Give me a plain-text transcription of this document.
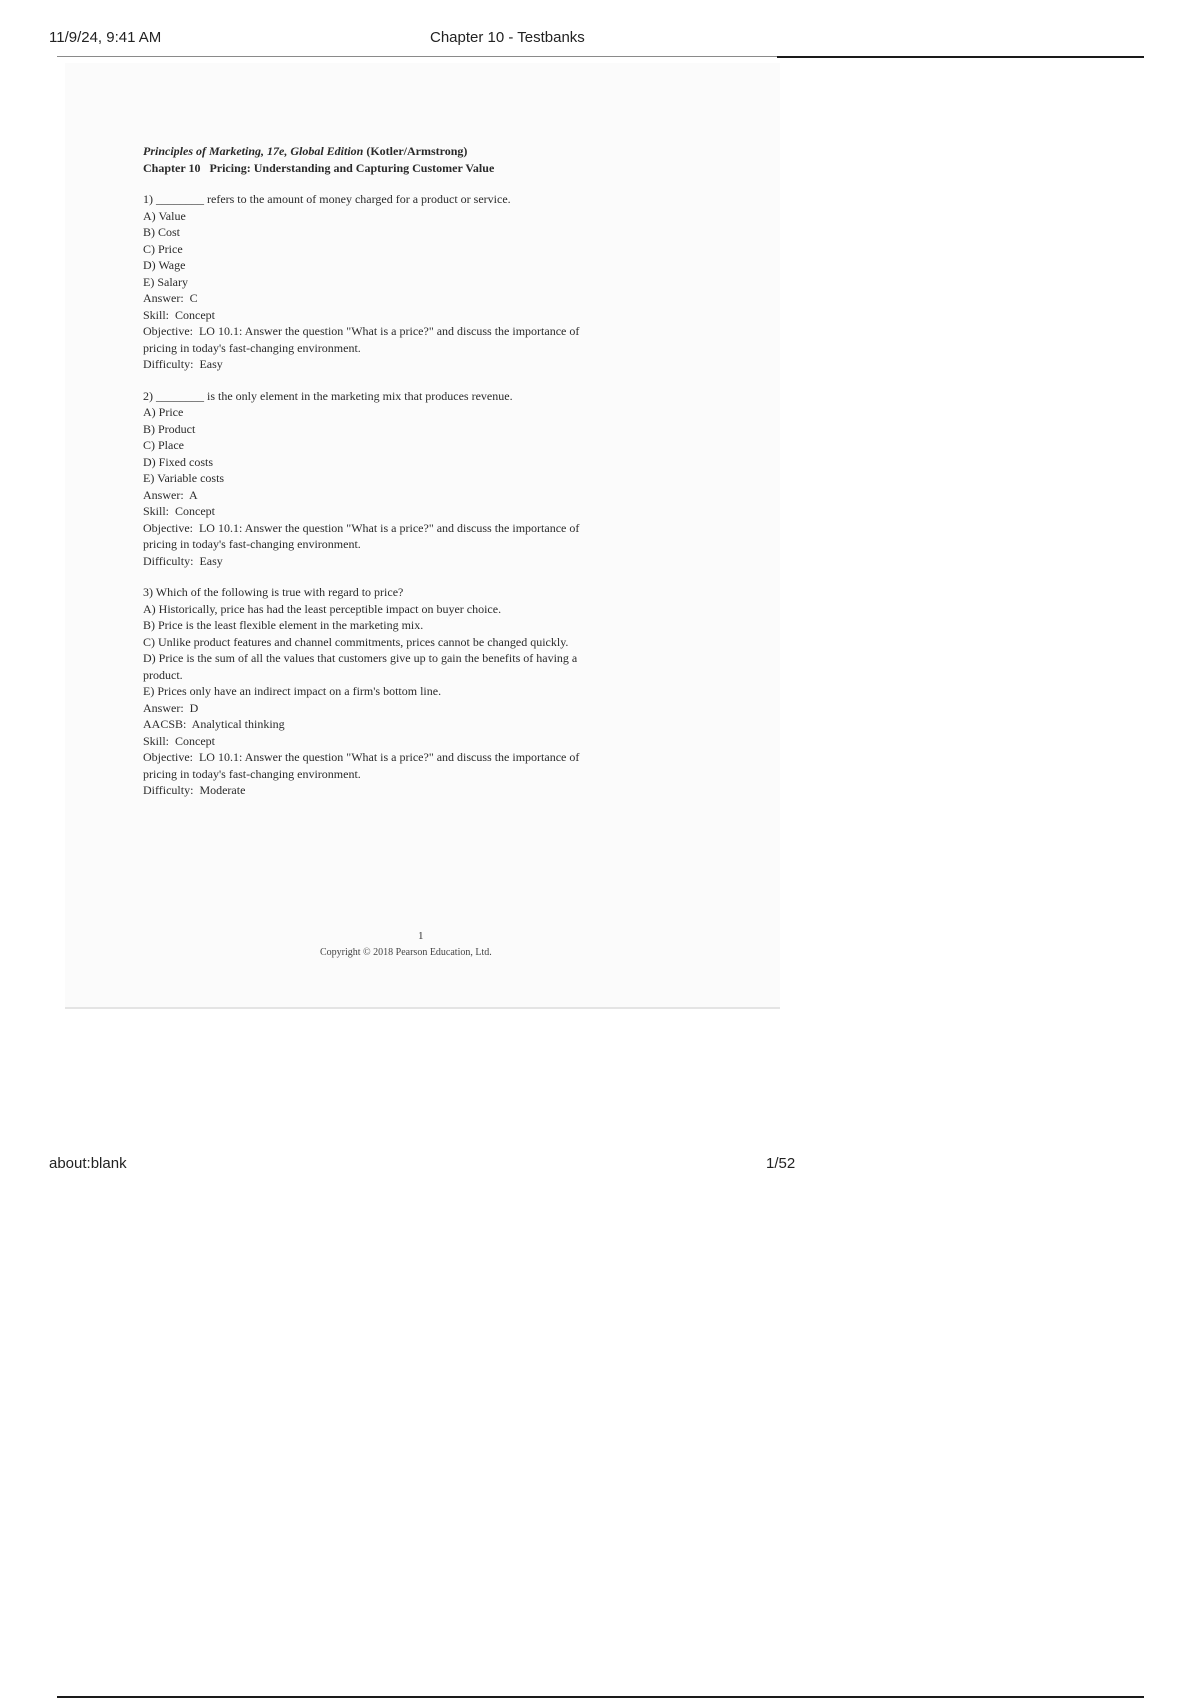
11/9/24, 9:41 AM	Chapter 10 - Testbanks
Principles of Marketing, 17e, Global Edition (Kotler/Armstrong)
Chapter 10   Pricing: Understanding and Capturing Customer Value
1) ________ refers to the amount of money charged for a product or service.
A) Value
B) Cost
C) Price
D) Wage
E) Salary
Answer:  C
Skill:  Concept
Objective:  LO 10.1: Answer the question "What is a price?" and discuss the importance of
pricing in today's fast-changing environment.
Difficulty:  Easy
2) ________ is the only element in the marketing mix that produces revenue.
A) Price
B) Product
C) Place
D) Fixed costs
E) Variable costs
Answer:  A
Skill:  Concept
Objective:  LO 10.1: Answer the question "What is a price?" and discuss the importance of
pricing in today's fast-changing environment.
Difficulty:  Easy
3) Which of the following is true with regard to price?
A) Historically, price has had the least perceptible impact on buyer choice.
B) Price is the least flexible element in the marketing mix.
C) Unlike product features and channel commitments, prices cannot be changed quickly.
D) Price is the sum of all the values that customers give up to gain the benefits of having a
product.
E) Prices only have an indirect impact on a firm's bottom line.
Answer:  D
AACSB:  Analytical thinking
Skill:  Concept
Objective:  LO 10.1: Answer the question "What is a price?" and discuss the importance of
pricing in today's fast-changing environment.
Difficulty:  Moderate
1
Copyright © 2018 Pearson Education, Ltd.
about:blank	1/52
